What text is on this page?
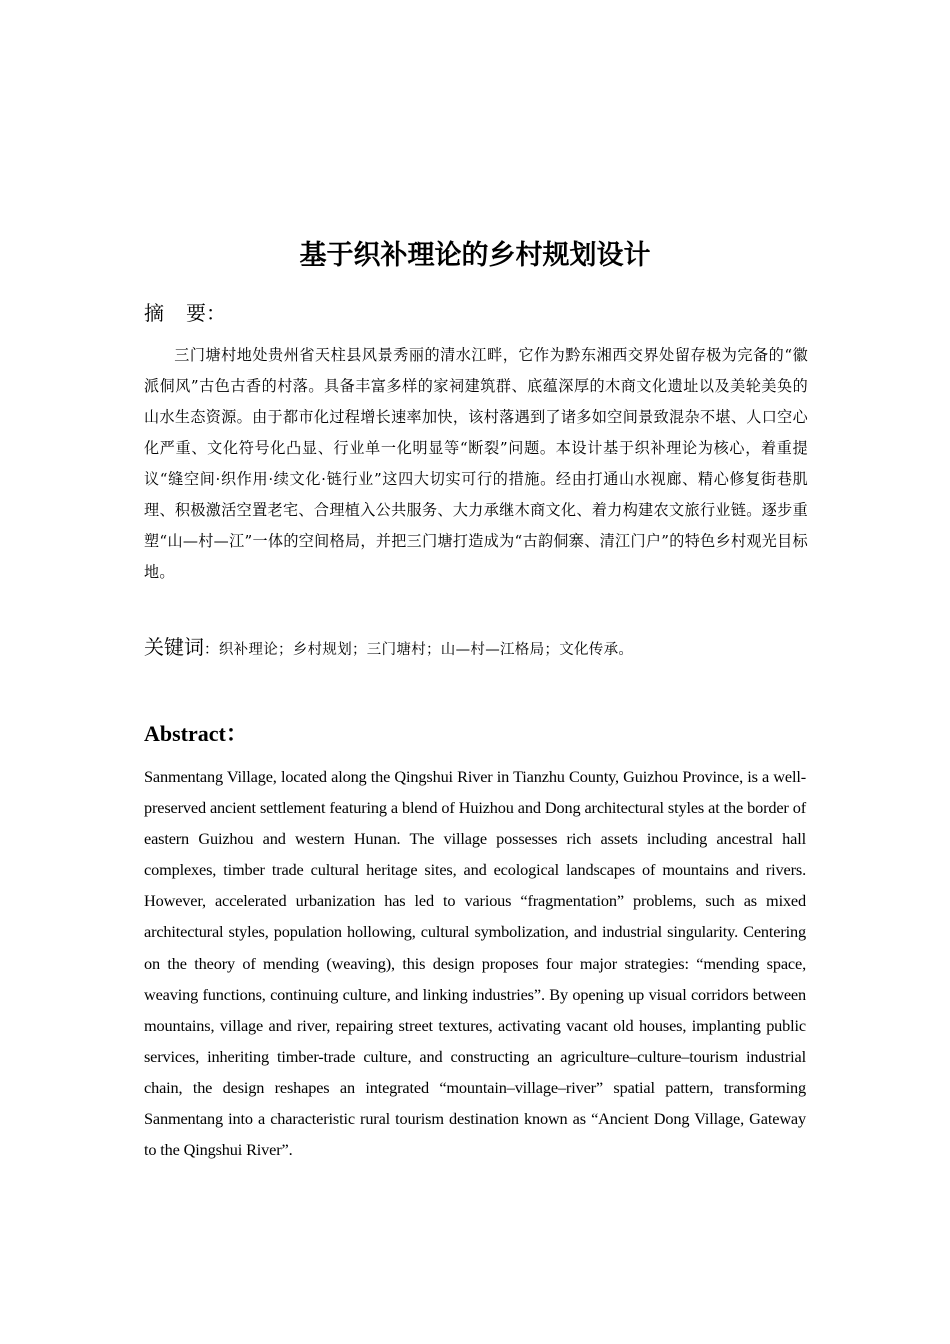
基于织补理论的乡村规划设计
摘 要：

三门塘村地处贵州省天柱县风景秀丽的清水江畔，它作为黔东湘西交界处留存极为完备的“徽派侗风”古色古香的村落。具备丰富多样的家祠建筑群、底蕴深厚的木商文化遗址以及美轮美奂的山水生态资源。由于都市化过程增长速率加快，该村落遇到了诸多如空间景致混杂不堪、人口空心化严重、文化符号化凸显、行业单一化明显等“断裂”问题。本设计基于织补理论为核心，着重提议“缝空间·织作用·续文化·链行业”这四大切实可行的措施。经由打通山水视廊、精心修复街巷肌理、积极激活空置老宅、合理植入公共服务、大力承继木商文化、着力构建农文旅行业链。逐步重塑“山—村—江”一体的空间格局，并把三门塘打造成为“古韵侗寨、清江门户”的特色乡村观光目标地。

关键词：织补理论；乡村规划；三门塘村；山—村—江格局；文化传承。
Abstract：

Sanmentang Village, located along the Qingshui River in Tianzhu County, Guizhou Province, is a well-preserved ancient settlement featuring a blend of Huizhou and Dong architectural styles at the border of eastern Guizhou and western Hunan. The village possesses rich assets including ancestral hall complexes, timber trade cultural heritage sites, and ecological landscapes of mountains and rivers. However, accelerated urbanization has led to various “fragmentation” problems, such as mixed architectural styles, population hollowing, cultural symbolization, and industrial singularity. Centering on the theory of mending (weaving), this design proposes four major strategies: “mending space, weaving functions, continuing culture, and linking industries”. By opening up visual corridors between mountains, village and river, repairing street textures, activating vacant old houses, implanting public services, inheriting timber-trade culture, and constructing an agriculture–culture–tourism industrial chain, the design reshapes an integrated “mountain–village–river” spatial pattern, transforming Sanmentang into a characteristic rural tourism destination known as “Ancient Dong Village, Gateway to the Qingshui River”.
